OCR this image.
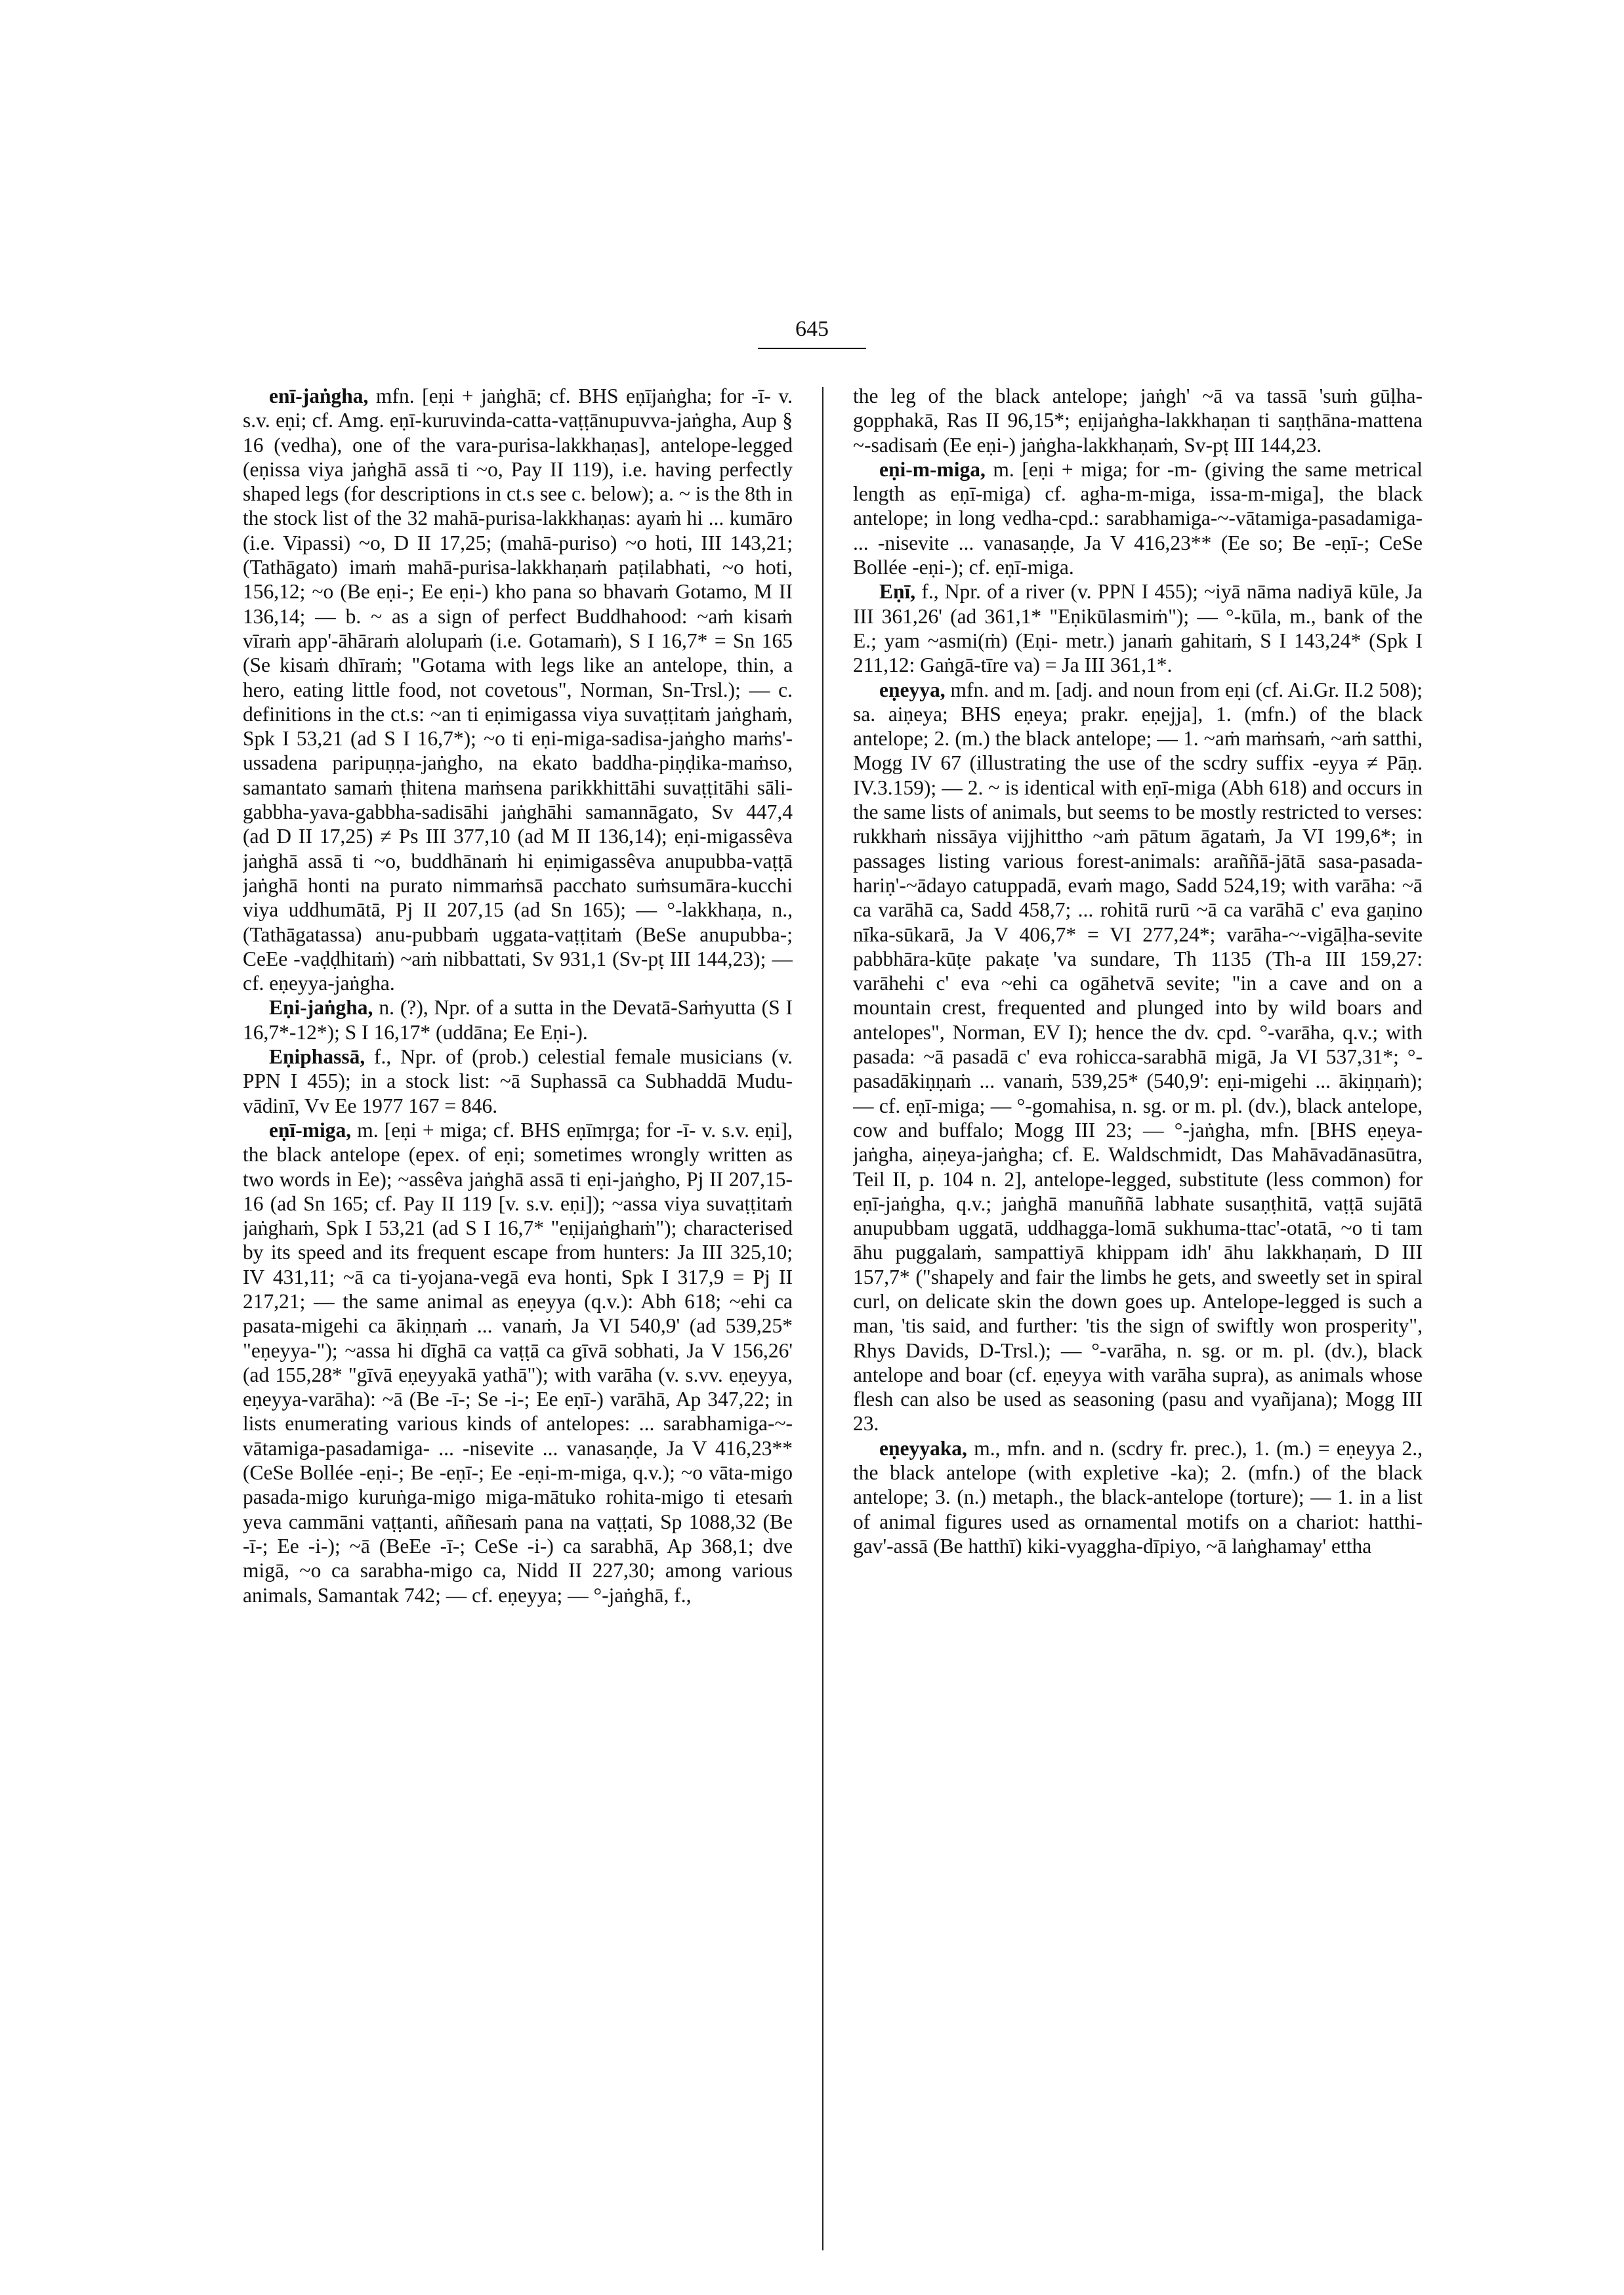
645

enī-jaṅgha, mfn. [eṇi + jaṅghā; cf. BHS eṇījaṅgha; for -ī- v. s.v. eṇi; cf. Amg. eṇī-kuruvinda-catta-vaṭṭānupuvva-jaṅgha, Aup § 16 (vedha), one of the vara-purisa-lakkhaṇas], antelope-legged (eṇissa viya jaṅghā assā ti ~o, Pay II 119), i.e. having perfectly shaped legs (for descriptions in ct.s see c. below); a. ~ is the 8th in the stock list of the 32 mahā-purisa-lakkhaṇas: ayaṁ hi ... kumāro (i.e. Vipassi) ~o, D II 17,25; (mahā-puriso) ~o hoti, III 143,21; (Tathāgato) imaṁ mahā-purisa-lakkhaṇaṁ paṭilabhati, ~o hoti, 156,12; ~o (Be eṇi-; Ee eṇi-) kho pana so bhavaṁ Gotamo, M II 136,14; — b. ~ as a sign of perfect Buddhahood: ~aṁ kisaṁ vīraṁ app'-āhāraṁ alolupaṁ (i.e. Gotamaṁ), S I 16,7* = Sn 165 (Se kisaṁ dhīraṁ; "Gotama with legs like an antelope, thin, a hero, eating little food, not covetous", Norman, Sn-Trsl.); — c. definitions in the ct.s: ~an ti eṇimigassa viya suvaṭṭitaṁ jaṅghaṁ, Spk I 53,21 (ad S I 16,7*); ~o ti eṇi-miga-sadisa-jaṅgho maṁs'-ussadena paripuṇṇa-jaṅgho, na ekato baddha-piṇḍika-maṁso, samantato samaṁ ṭhitena maṁsena parikkhittāhi suvaṭṭitāhi sāli-gabbha-yava-gabbha-sadisāhi jaṅghāhi samannāgato, Sv 447,4 (ad D II 17,25) ≠ Ps III 377,10 (ad M II 136,14); eṇi-migassêva jaṅghā assā ti ~o, buddhānaṁ hi eṇimigassêva anupubba-vaṭṭā jaṅghā honti na purato nimmaṁsā pacchato suṁsumāra-kucchi viya uddhumātā, Pj II 207,15 (ad Sn 165); — °-lakkhaṇa, n., (Tathāgatassa) anu-pubbaṁ uggata-vaṭṭitaṁ (BeSe anupubba-; CeEe -vaḍḍhitaṁ) ~aṁ nibbattati, Sv 931,1 (Sv-pṭ III 144,23); — cf. eṇeyya-jaṅgha.

Eṇi-jaṅgha, n. (?), Npr. of a sutta in the Devatā-Saṁyutta (S I 16,7*-12*); S I 16,17* (uddāna; Ee Eṇi-).

Eṇiphassā, f., Npr. of (prob.) celestial female musicians (v. PPN I 455); in a stock list: ~ā Suphassā ca Subhaddā Mudu-vādinī, Vv Ee 1977 167 = 846.

eṇī-miga, m. [eṇi + miga; cf. BHS eṇīmṛga; for -ī- v. s.v. eṇi], the black antelope (epex. of eṇi; sometimes wrongly written as two words in Ee); ~assêva jaṅghā assā ti eṇi-jaṅgho, Pj II 207,15-16 (ad Sn 165; cf. Pay II 119 [v. s.v. eṇi]); ~assa viya suvaṭṭitaṁ jaṅghaṁ, Spk I 53,21 (ad S I 16,7* "eṇijaṅghaṁ"); characterised by its speed and its frequent escape from hunters: Ja III 325,10; IV 431,11; ~ā ca ti-yojana-vegā eva honti, Spk I 317,9 = Pj II 217,21; — the same animal as eṇeyya (q.v.): Abh 618; ~ehi ca pasata-migehi ca ākiṇṇaṁ ... vanaṁ, Ja VI 540,9' (ad 539,25* "eṇeyya-"); ~assa hi dīghā ca vaṭṭā ca gīvā sobhati, Ja V 156,26' (ad 155,28* "gīvā eṇeyyakā yathā"); with varāha (v. s.vv. eṇeyya, eṇeyya-varāha): ~ā (Be -ī-; Se -i-; Ee eṇī-) varāhā, Ap 347,22; in lists enumerating various kinds of antelopes: ... sarabhamiga-~-vātamiga-pasadamiga- ... -nisevite ... vanasaṇḍe, Ja V 416,23** (CeSe Bollée -eṇi-; Be -eṇī-; Ee -eṇi-m-miga, q.v.); ~o vāta-migo pasada-migo kuruṅga-migo miga-mātuko rohita-migo ti etesaṁ yeva cammāni vaṭṭanti, aññesaṁ pana na vaṭṭati, Sp 1088,32 (Be -ī-; Ee -i-); ~ā (BeEe -ī-; CeSe -i-) ca sarabhā, Ap 368,1; dve migā, ~o ca sarabha-migo ca, Nidd II 227,30; among various animals, Samantak 742; — cf. eṇeyya; — °-jaṅghā, f.,

the leg of the black antelope; jaṅgh' ~ā va tassā 'suṁ gūḷha-gopphakā, Ras II 96,15*; eṇijaṅgha-lakkhaṇan ti saṇṭhāna-mattena ~-sadisaṁ (Ee eṇi-) jaṅgha-lakkhaṇaṁ, Sv-pṭ III 144,23.

eṇi-m-miga, m. [eṇi + miga; for -m- (giving the same metrical length as eṇī-miga) cf. agha-m-miga, issa-m-miga], the black antelope; in long vedha-cpd.: sarabhamiga-~-vātamiga-pasadamiga- ... -nisevite ... vanasaṇḍe, Ja V 416,23** (Ee so; Be -eṇī-; CeSe Bollée -eṇi-); cf. eṇī-miga.

Eṇī, f., Npr. of a river (v. PPN I 455); ~iyā nāma nadiyā kūle, Ja III 361,26' (ad 361,1* "Eṇikūlasmiṁ"); — °-kūla, m., bank of the E.; yam ~asmi(ṁ) (Eṇi- metr.) janaṁ gahitaṁ, S I 143,24* (Spk I 211,12: Gaṅgā-tīre va) = Ja III 361,1*.

eṇeyya, mfn. and m. [adj. and noun from eṇi (cf. Ai.Gr. II.2 508); sa. aiṇeya; BHS eṇeya; prakr. eṇejja], 1. (mfn.) of the black antelope; 2. (m.) the black antelope; — 1. ~aṁ maṁsaṁ, ~aṁ satthi, Mogg IV 67 (illustrating the use of the scdry suffix -eyya ≠ Pāṇ. IV.3.159); — 2. ~ is identical with eṇī-miga (Abh 618) and occurs in the same lists of animals, but seems to be mostly restricted to verses: rukkhaṁ nissāya vijjhittho ~aṁ pātum āgataṁ, Ja VI 199,6*; in passages listing various forest-animals: araññā-jātā sasa-pasada-hariṇ'-~ādayo catuppadā, evaṁ mago, Sadd 524,19; with varāha: ~ā ca varāhā ca, Sadd 458,7; ... rohitā rurū ~ā ca varāhā c' eva gaṇino nīka-sūkarā, Ja V 406,7* = VI 277,24*; varāha-~-vigāḷha-sevite pabbhāra-kūṭe pakaṭe 'va sundare, Th 1135 (Th-a III 159,27: varāhehi c' eva ~ehi ca ogāhetvā sevite; "in a cave and on a mountain crest, frequented and plunged into by wild boars and antelopes", Norman, EV I); hence the dv. cpd. °-varāha, q.v.; with pasada: ~ā pasadā c' eva rohicca-sarabhā migā, Ja VI 537,31*; °-pasadākiṇṇaṁ ... vanaṁ, 539,25* (540,9': eṇi-migehi ... ākiṇṇaṁ); — cf. eṇī-miga; — °-gomahisa, n. sg. or m. pl. (dv.), black antelope, cow and buffalo; Mogg III 23; — °-jaṅgha, mfn. [BHS eṇeya-jaṅgha, aiṇeya-jaṅgha; cf. E. Waldschmidt, Das Mahāvadānasūtra, Teil II, p. 104 n. 2], antelope-legged, substitute (less common) for eṇī-jaṅgha, q.v.; jaṅghā manuññā labhate susaṇṭhitā, vaṭṭā sujātā anupubbam uggatā, uddhagga-lomā sukhuma-ttac'-otatā, ~o ti tam āhu puggalaṁ, sampattiyā khippam idh' āhu lakkhaṇaṁ, D III 157,7* ("shapely and fair the limbs he gets, and sweetly set in spiral curl, on delicate skin the down goes up. Antelope-legged is such a man, 'tis said, and further: 'tis the sign of swiftly won prosperity", Rhys Davids, D-Trsl.); — °-varāha, n. sg. or m. pl. (dv.), black antelope and boar (cf. eṇeyya with varāha supra), as animals whose flesh can also be used as seasoning (pasu and vyañjana); Mogg III 23.

eṇeyyaka, m., mfn. and n. (scdry fr. prec.), 1. (m.) = eṇeyya 2., the black antelope (with expletive -ka); 2. (mfn.) of the black antelope; 3. (n.) metaph., the black-antelope (torture); — 1. in a list of animal figures used as ornamental motifs on a chariot: hatthi-gav'-assā (Be hatthī) kiki-vyaggha-dīpiyo, ~ā laṅghamay' ettha
